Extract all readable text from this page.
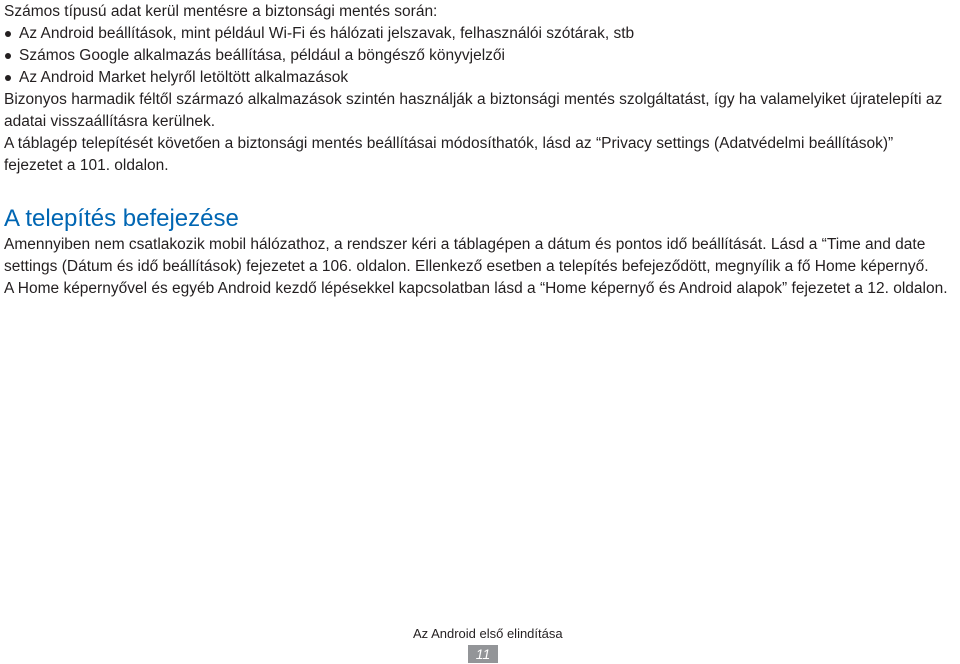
Számos típusú adat kerül mentésre a biztonsági mentés során:

Az Android beállítások, mint például Wi-Fi és hálózati jelszavak, felhasználói szótárak, stb
Számos Google alkalmazás beállítása, például a böngésző könyvjelzői
Az Android Market helyről letöltött alkalmazások

Bizonyos harmadik féltől származó alkalmazások szintén használják a biztonsági mentés szolgáltatást, így ha valamelyiket újratelepíti az adatai visszaállításra kerülnek.

A táblagép telepítését követően a biztonsági mentés beállításai módosíthatók, lásd az “Privacy settings (Adatvédelmi beállítások)” fejezetet a 101. oldalon.

A telepítés befejezése

Amennyiben nem csatlakozik mobil hálózathoz, a rendszer kéri a táblagépen a dátum és pontos idő beállítását. Lásd a “Time and date settings (Dátum és idő beállítások) fejezetet a 106. oldalon. Ellenkező esetben a telepítés befejeződött, megnyílik a fő Home képernyő.

A Home képernyővel és egyéb Android kezdő lépésekkel kapcsolatban lásd a “Home képernyő és Android alapok” fejezetet a 12. oldalon.

Az Android első elindítása
11
